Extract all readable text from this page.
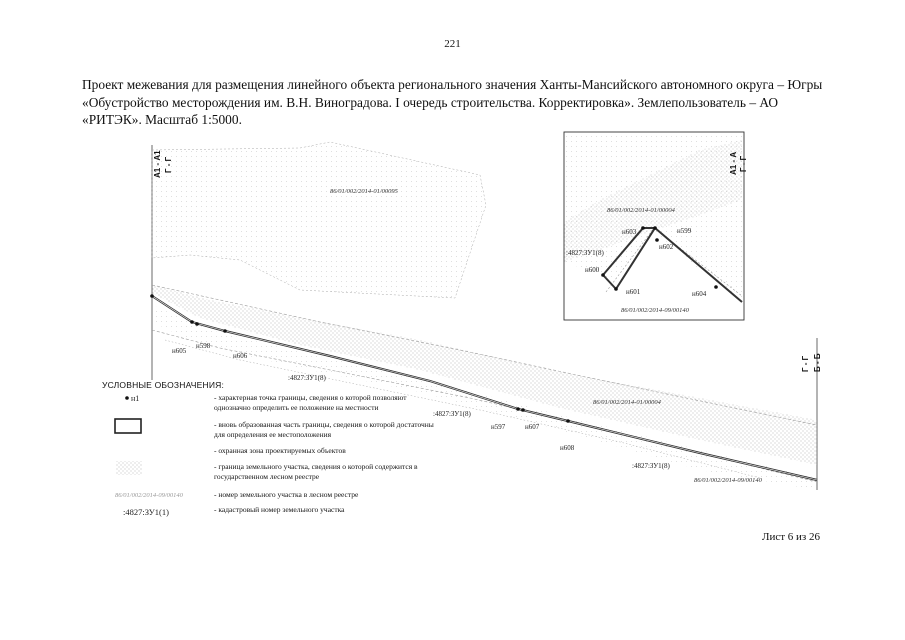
221
Проект межевания для размещения линейного объекта регионального значения Ханты-Мансийского автономного округа – Югры «Обустройство месторождения им. В.Н. Виноградова. I очередь строительства. Корректировка». Землепользователь – АО «РИТЭК». Масштаб 1:5000.
А1 - А1 Г - Г
Г - Г Б - Б
86/01/002/2014-01/00095
86/01/002/2014-01/00004
86/01/002/2014-09/00140
:4827:ЗУ1(8)
:4827:ЗУ1(8)
:4827:ЗУ1(8)
н605
н598
н606
н597	н607
н608
А1 - А Г - Г
86/01/002/2014-01/00004
86/01/002/2014-09/00140
:4827:ЗУ1(8)
н603	н599
н602
н600
н601	н604
н1
86/01/002/2014-09/00140
:4827:ЗУ1(1)
УСЛОВНЫЕ ОБОЗНАЧЕНИЯ:
- характерная точка границы, сведения о которой позволяют однозначно определить ее положение на местности
- вновь образованная часть границы, сведения о которой достаточны для определения ее местоположения
- охранная зона проектируемых объектов
- граница земельного участка, сведения о которой содержится в государственном лесном реестре
- номер земельного участка в лесном реестре
- кадастровый номер земельного участка
Лист 6 из 26
